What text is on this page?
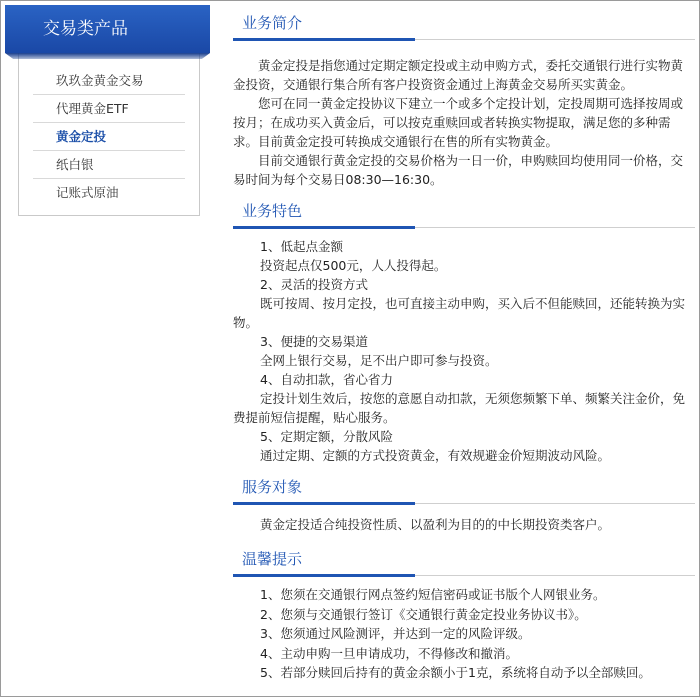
交易类产品
玖玖金黄金交易
代理黄金ETF
黄金定投
纸白银
记账式原油
业务简介

黄金定投是指您通过定期定额定投或主动申购方式，委托交通银行进行实物黄金投资，交通银行集合所有客户投资资金通过上海黄金交易所买实黄金。

您可在同一黄金定投协议下建立一个或多个定投计划，定投周期可选择按周或按月；在成功买入黄金后，可以按克重赎回或者转换实物提取，满足您的多种需求。目前黄金定投可转换成交通银行在售的所有实物黄金。

目前交通银行黄金定投的交易价格为一日一价，申购赎回均使用同一价格，交易时间为每个交易日08:30—16:30。

业务特色
1、低起点金额
投资起点仅500元，人人投得起。
2、灵活的投资方式
既可按周、按月定投，也可直接主动申购，买入后不但能赎回，还能转换为实物。
3、便捷的交易渠道
全网上银行交易，足不出户即可参与投资。
4、自动扣款，省心省力
定投计划生效后，按您的意愿自动扣款，无须您频繁下单、频繁关注金价，免费提前短信提醒，贴心服务。
5、定期定额，分散风险
通过定期、定额的方式投资黄金，有效规避金价短期波动风险。
服务对象

黄金定投适合纯投资性质、以盈利为目的的中长期投资类客户。

温馨提示
1、您须在交通银行网点签约短信密码或证书版个人网银业务。
2、您须与交通银行签订《交通银行黄金定投业务协议书》。
3、您须通过风险测评，并达到一定的风险评级。
4、主动申购一旦申请成功，不得修改和撤消。
5、若部分赎回后持有的黄金余额小于1克，系统将自动予以全部赎回。
